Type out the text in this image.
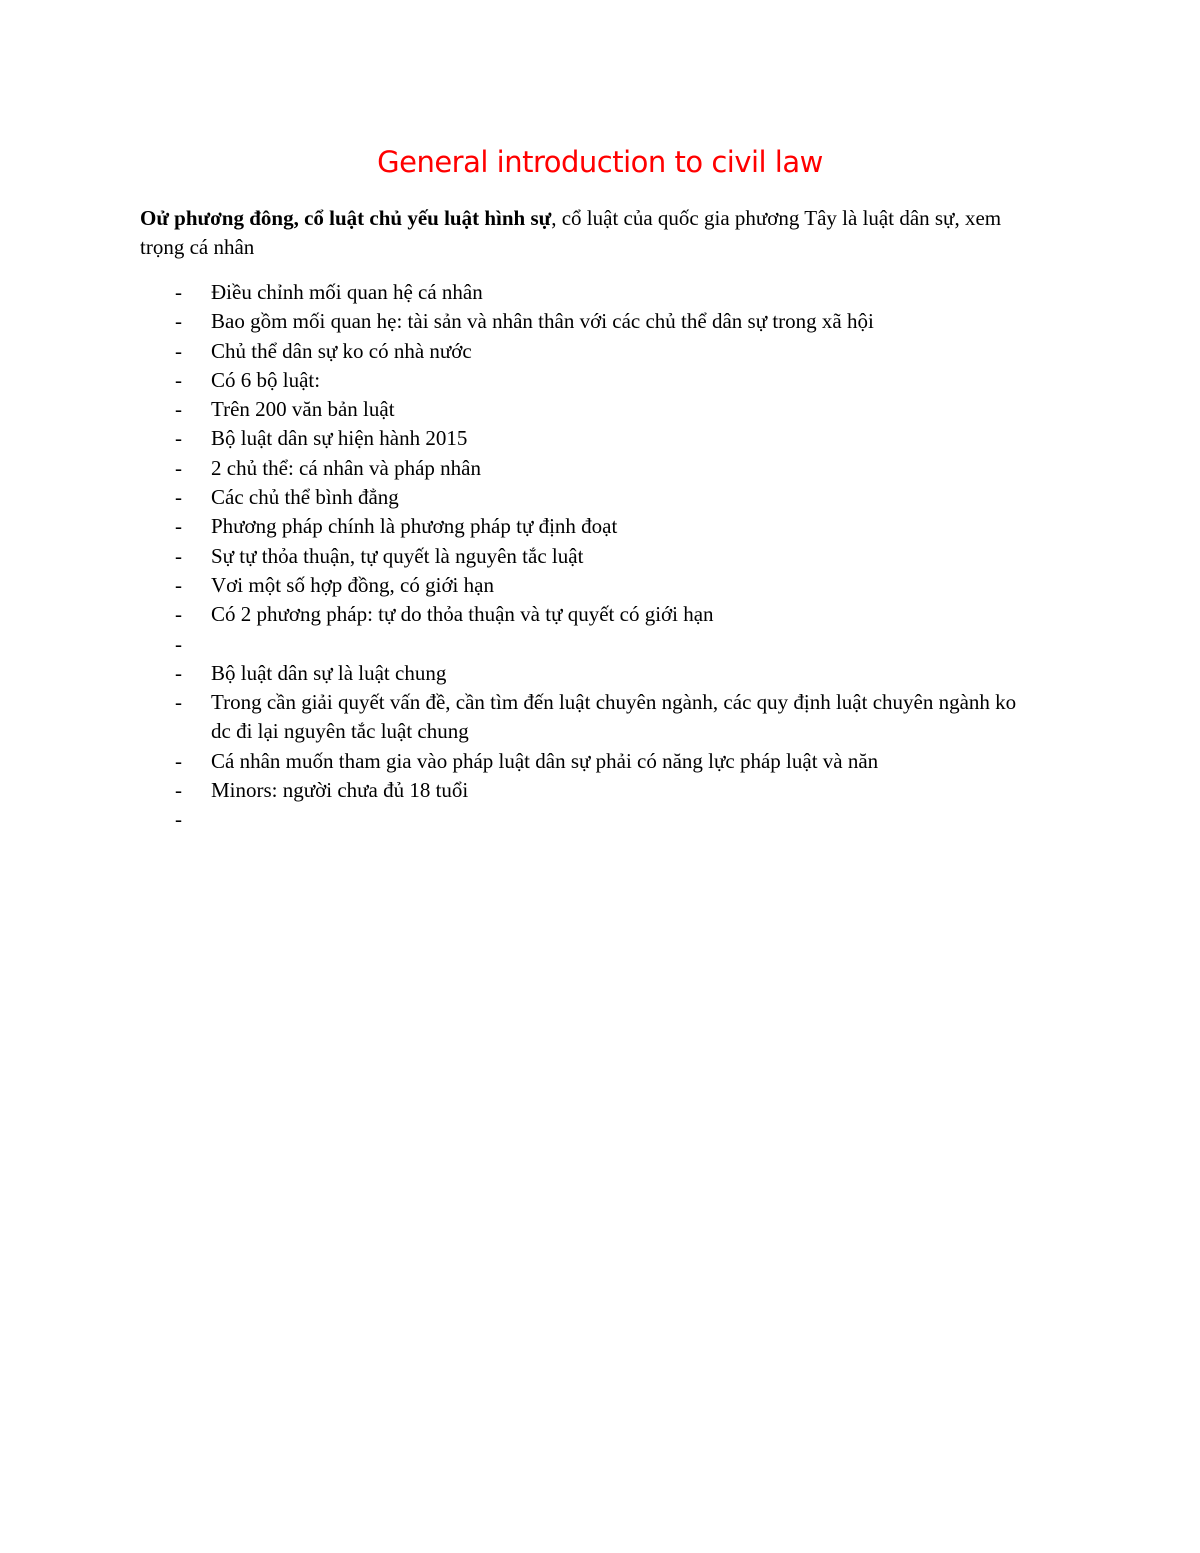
General introduction to civil law
Oử phương đông, cổ luật chủ yếu luật hình sự, cổ luật của quốc gia phương Tây là luật dân sự, xem trọng cá nhân
- Điều chỉnh mối quan hệ cá nhân
- Bao gồm mối quan hẹ: tài sản và nhân thân với các chủ thể dân sự trong xã hội
- Chủ thể dân sự ko có nhà nước
- Có 6 bộ luật:
- Trên 200 văn bản luật
- Bộ luật dân sự hiện hành 2015
- 2 chủ thể: cá nhân và pháp nhân
- Các chủ thể bình đẳng
- Phương pháp chính là phương pháp tự định đoạt
- Sự tự thỏa thuận, tự quyết là nguyên tắc luật
- Vơi một số hợp đồng, có giới hạn
- Có 2 phương pháp: tự do thỏa thuận và tự quyết có giới hạn
-
- Bộ luật dân sự là luật chung
- Trong cần giải quyết vấn đề, cần tìm đến luật chuyên ngành, các quy định luật chuyên ngành ko dc đi lại nguyên tắc luật chung
- Cá nhân muốn tham gia vào pháp luật dân sự phải có năng lực pháp luật và năn
- Minors: người chưa đủ 18 tuổi
-
